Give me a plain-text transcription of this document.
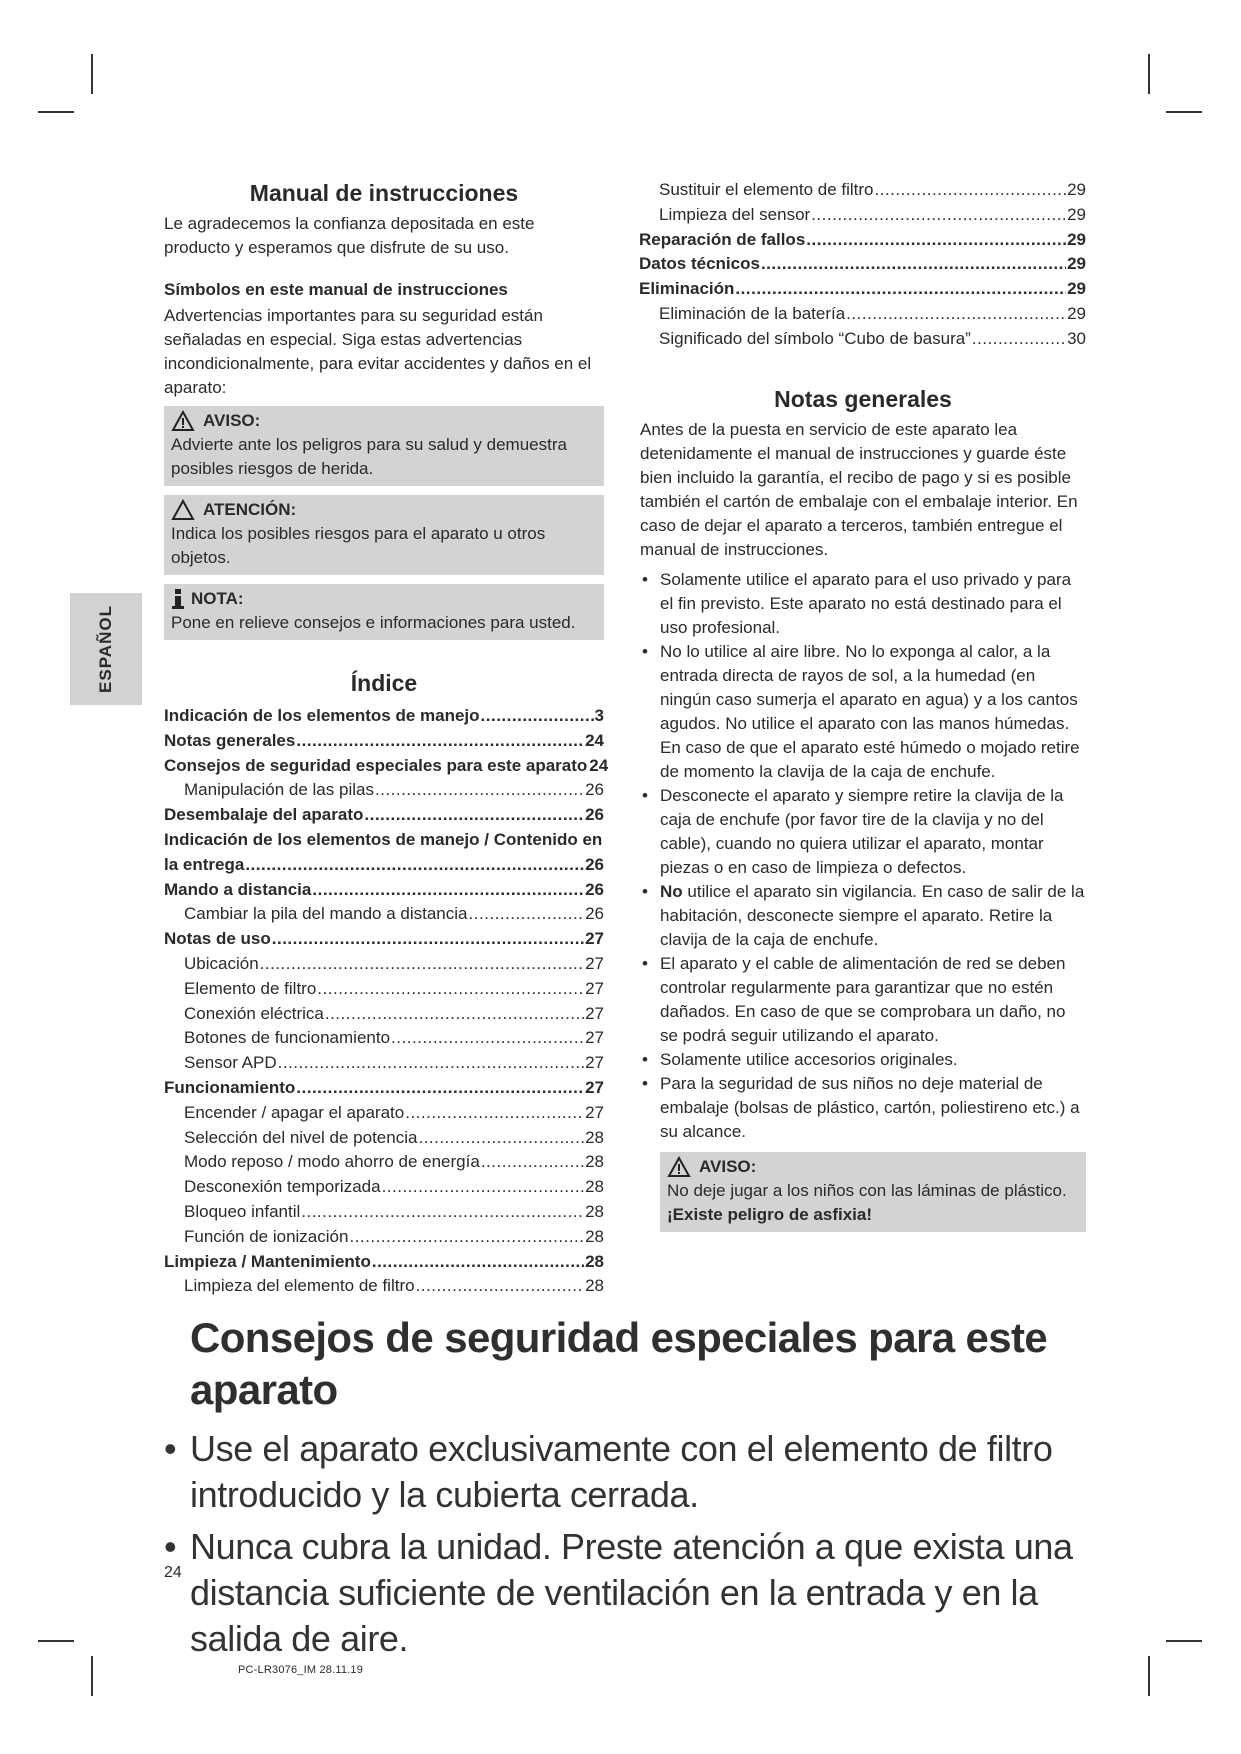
ESPAÑOL
Manual de instrucciones

Le agradecemos la confianza depositada en este producto y esperamos que disfrute de su uso.

Símbolos en este manual de instrucciones

Advertencias importantes para su seguridad están señaladas en especial. Siga estas advertencias incondicionalmente, para evitar accidentes y daños en el aparato:

AVISO:

Advierte ante los peligros para su salud y demuestra posibles riesgos de herida.

ATENCIÓN:

Indica los posibles riesgos para el aparato u otros objetos.

NOTA:

Pone en relieve consejos e informaciones para usted.

Índice
Indicación de los elementos de manejo .....	3
Notas generales .....	24
Consejos de seguridad especiales para este aparato 24
Manipulación de las pilas .....	26
Desembalaje del aparato .....	26
Indicación de los elementos de manejo / Contenido en
la entrega .....	26
Mando a distancia .....	26
Cambiar la pila del mando a distancia .....	26
Notas de uso .....	27
Ubicación .....	27
Elemento de filtro .....	27
Conexión eléctrica .....	27
Botones de funcionamiento .....	27
Sensor APD .....	27
Funcionamiento .....	27
Encender / apagar el aparato .....	27
Selección del nivel de potencia .....	28
Modo reposo / modo ahorro de energía .....	28
Desconexión temporizada .....	28
Bloqueo infantil .....	28
Función de ionización .....	28
Limpieza / Mantenimiento .....	28
Limpieza del elemento de filtro .....	28
Sustituir el elemento de filtro .....	29
Limpieza del sensor .....	29
Reparación de fallos .....	29
Datos técnicos .....	29
Eliminación .....	29
Eliminación de la batería .....	29
Significado del símbolo “Cubo de basura” .....	30
Notas generales

Antes de la puesta en servicio de este aparato lea detenidamente el manual de instrucciones y guarde éste bien incluido la garantía, el recibo de pago y si es posible también el cartón de embalaje con el embalaje interior. En caso de dejar el aparato a terceros, también entregue el manual de instrucciones.

• Solamente utilice el aparato para el uso privado y para el fin previsto. Este aparato no está destinado para el uso profesional.
• No lo utilice al aire libre. No lo exponga al calor, a la entrada directa de rayos de sol, a la humedad (en ningún caso sumerja el aparato en agua) y a los cantos agudos. No utilice el aparato con las manos húmedas. En caso de que el aparato esté húmedo o mojado retire de momento la clavija de la caja de enchufe.
• Desconecte el aparato y siempre retire la clavija de la caja de enchufe (por favor tire de la clavija y no del cable), cuando no quiera utilizar el aparato, montar piezas o en caso de limpieza o defectos.
• No utilice el aparato sin vigilancia. En caso de salir de la habitación, desconecte siempre el aparato. Retire la clavija de la caja de enchufe.
• El aparato y el cable de alimentación de red se deben controlar regularmente para garantizar que no estén dañados. En caso de que se comprobara un daño, no se podrá seguir utilizando el aparato.
• Solamente utilice accesorios originales.
• Para la seguridad de sus niños no deje material de embalaje (bolsas de plástico, cartón, poliestireno etc.) a su alcance.
AVISO:

No deje jugar a los niños con las láminas de plástico.

¡Existe peligro de asfixia!

Consejos de seguridad especiales para este aparato
• Use el aparato exclusivamente con el elemento de filtro introducido y la cubierta cerrada.
• Nunca cubra la unidad. Preste atención a que exista una distancia suficiente de ventilación en la entrada y en la salida de aire.
24
PC-LR3076_IM 28.11.19
